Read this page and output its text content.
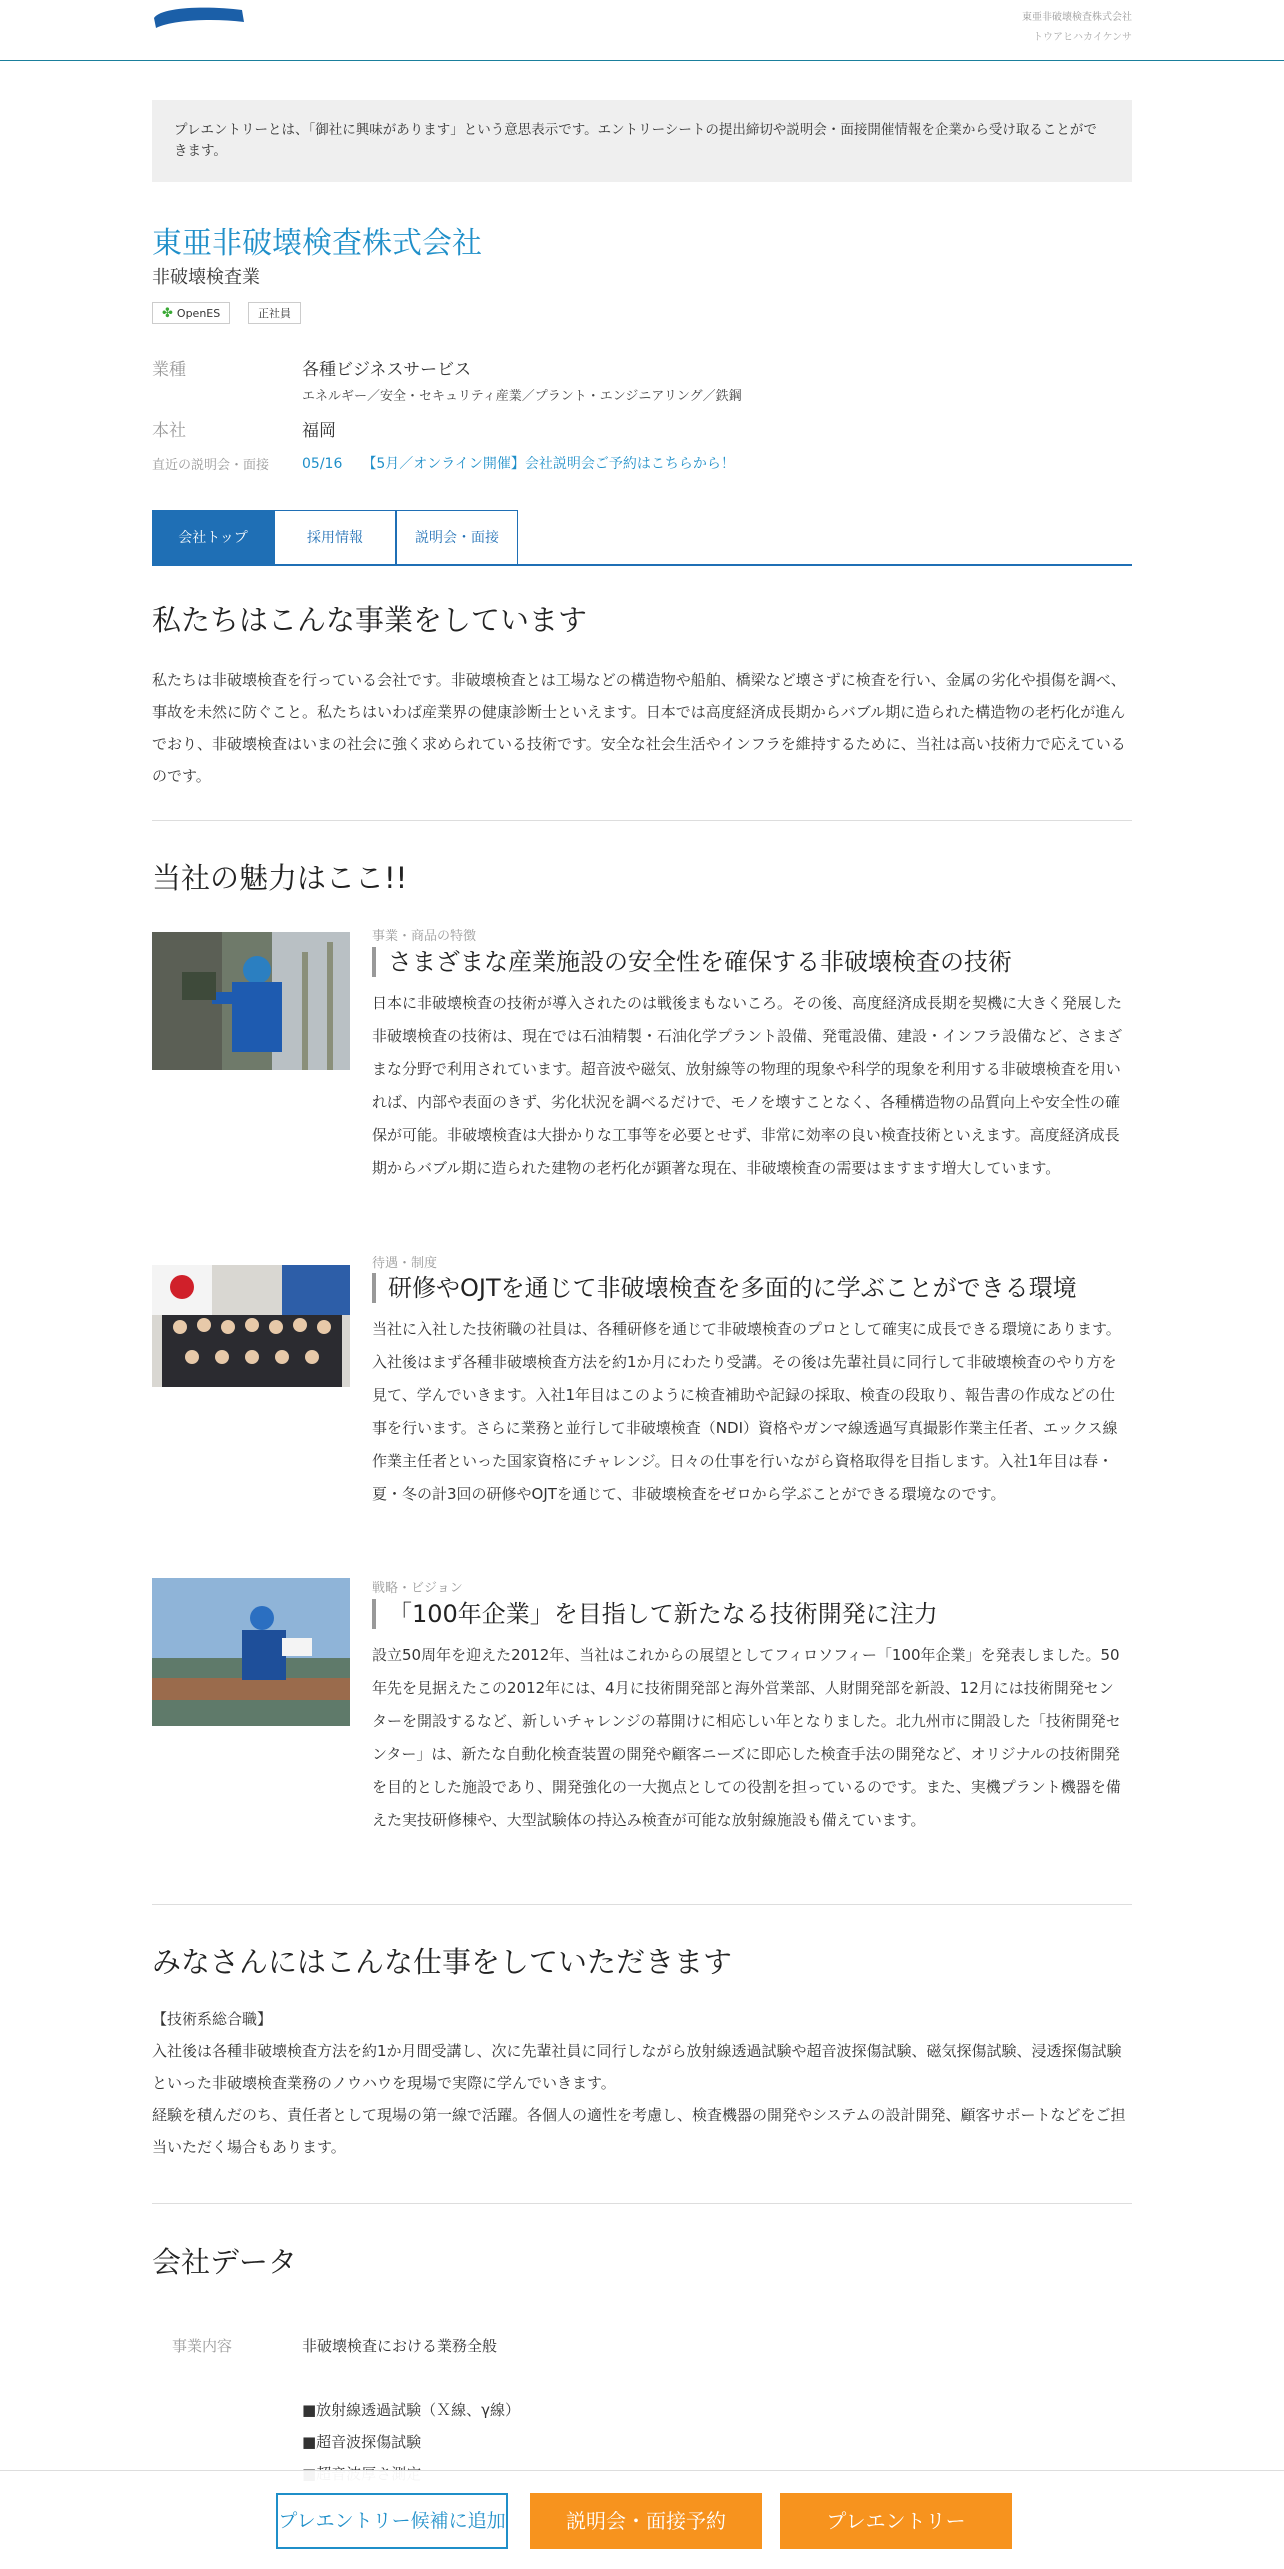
リクナビ2024
東亜非破壊検査株式会社
トウアヒハカイケンサ
プレエントリーとは、「御社に興味があります」という意思表示です。エントリーシートの提出締切や説明会・面接開催情報を企業から受け取ることができます。
東亜非破壊検査株式会社
非破壊検査業
✤ OpenES	正社員
業種	各種ビジネスサービス
エネルギー／安全・セキュリティ産業／プラント・エンジニアリング／鉄鋼
本社	福岡
直近の説明会・面接 05/16 【5月／オンライン開催】会社説明会ご予約はこちらから！
会社トップ	採用情報	説明会・面接
私たちはこんな事業をしています
私たちは非破壊検査を行っている会社です。非破壊検査とは工場などの構造物や船舶、橋梁など壊さずに検査を行い、金属の劣化や損傷を調べ、事故を未然に防ぐこと。私たちはいわば産業界の健康診断士といえます。日本では高度経済成長期からバブル期に造られた構造物の老朽化が進んでおり、非破壊検査はいまの社会に強く求められている技術です。安全な社会生活やインフラを維持するために、当社は高い技術力で応えているのです。
当社の魅力はここ!!
事業・商品の特徴
さまざまな産業施設の安全性を確保する非破壊検査の技術
日本に非破壊検査の技術が導入されたのは戦後まもないころ。その後、高度経済成長期を契機に大きく発展した非破壊検査の技術は、現在では石油精製・石油化学プラント設備、発電設備、建設・インフラ設備など、さまざまな分野で利用されています。超音波や磁気、放射線等の物理的現象や科学的現象を利用する非破壊検査を用いれば、内部や表面のきず、劣化状況を調べるだけで、モノを壊すことなく、各種構造物の品質向上や安全性の確保が可能。非破壊検査は大掛かりな工事等を必要とせず、非常に効率の良い検査技術といえます。高度経済成長期からバブル期に造られた建物の老朽化が顕著な現在、非破壊検査の需要はますます増大しています。
待遇・制度
研修やOJTを通じて非破壊検査を多面的に学ぶことができる環境
当社に入社した技術職の社員は、各種研修を通じて非破壊検査のプロとして確実に成長できる環境にあります。入社後はまず各種非破壊検査方法を約1か月にわたり受講。その後は先輩社員に同行して非破壊検査のやり方を見て、学んでいきます。入社1年目はこのように検査補助や記録の採取、検査の段取り、報告書の作成などの仕事を行います。さらに業務と並行して非破壊検査（NDI）資格やガンマ線透過写真撮影作業主任者、エックス線作業主任者といった国家資格にチャレンジ。日々の仕事を行いながら資格取得を目指します。入社1年目は春・夏・冬の計3回の研修やOJTを通じて、非破壊検査をゼロから学ぶことができる環境なのです。
戦略・ビジョン
「100年企業」を目指して新たなる技術開発に注力
設立50周年を迎えた2012年、当社はこれからの展望としてフィロソフィー「100年企業」を発表しました。50年先を見据えたこの2012年には、4月に技術開発部と海外営業部、人財開発部を新設、12月には技術開発センターを開設するなど、新しいチャレンジの幕開けに相応しい年となりました。北九州市に開設した「技術開発センター」は、新たな自動化検査装置の開発や顧客ニーズに即応した検査手法の開発など、オリジナルの技術開発を目的とした施設であり、開発強化の一大拠点としての役割を担っているのです。また、実機プラント機器を備えた実技研修棟や、大型試験体の持込み検査が可能な放射線施設も備えています。
みなさんにはこんな仕事をしていただきます
【技術系総合職】
入社後は各種非破壊検査方法を約1か月間受講し、次に先輩社員に同行しながら放射線透過試験や超音波探傷試験、磁気探傷試験、浸透探傷試験といった非破壊検査業務のノウハウを現場で実際に学んでいきます。
経験を積んだのち、責任者として現場の第一線で活躍。各個人の適性を考慮し、検査機器の開発やシステムの設計開発、顧客サポートなどをご担当いただく場合もあります。
会社データ
事業内容	非破壊検査における業務全般
■放射線透過試験（Ｘ線、γ線）
■超音波探傷試験
プレエントリー候補に追加	説明会・面接予約	プレエントリー
